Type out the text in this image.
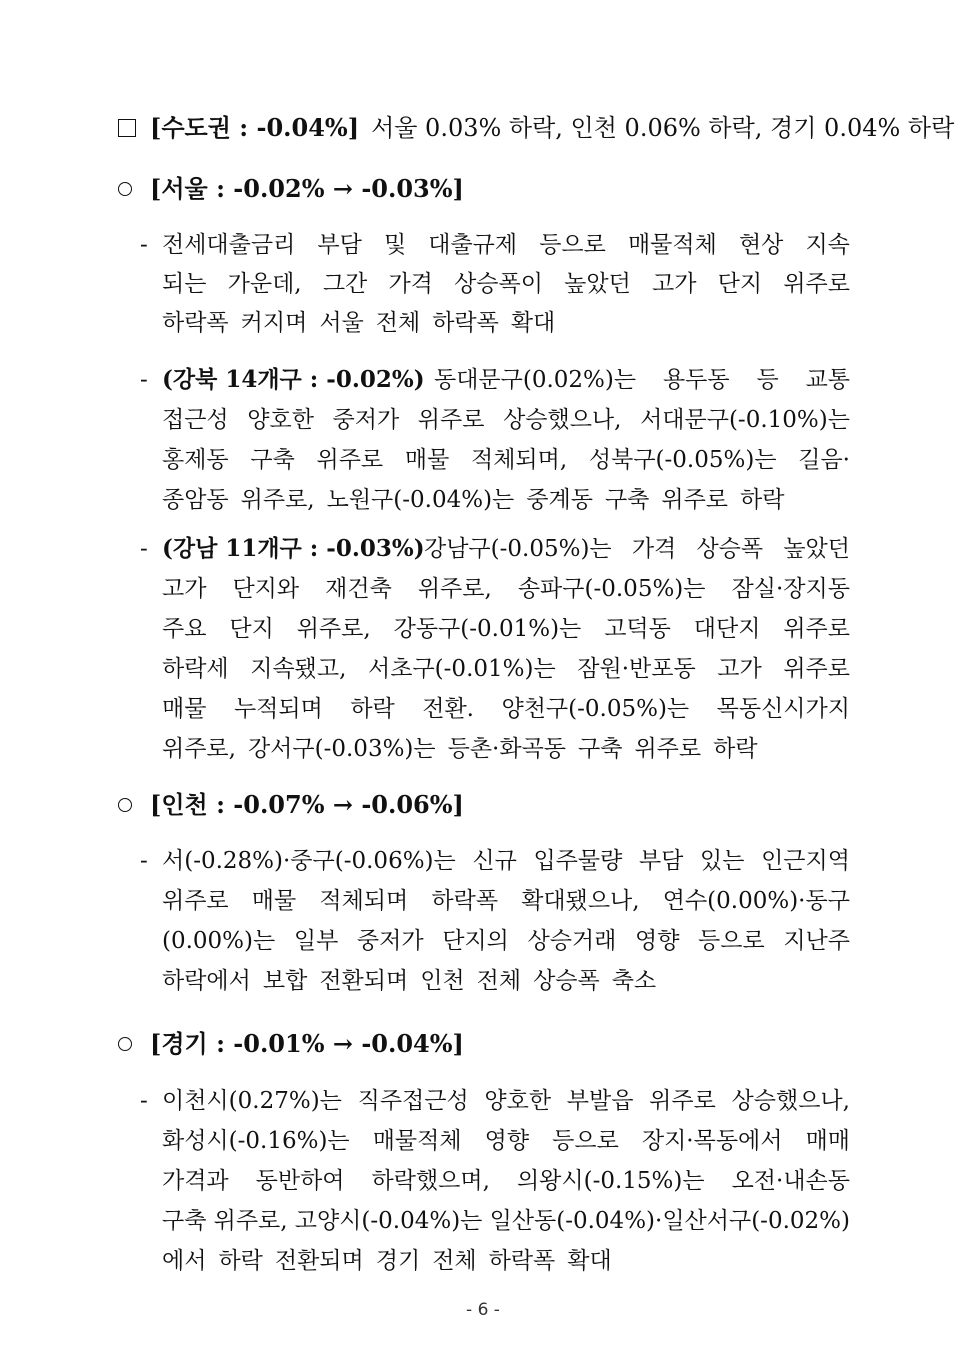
[수도권 : -0.04%] 서울 0.03% 하락, 인천 0.06% 하락, 경기 0.04% 하락
[서울 : -0.02% → -0.03%]
- 전세대출금리 부담 및 대출규제 등으로 매물적체 현상 지속
되는 가운데, 그간 가격 상승폭이 높았던 고가 단지 위주로
하락폭 커지며 서울 전체 하락폭 확대
- (강북 14개구 : -0.02%) 동대문구(0.02%)는 용두동 등 교통
접근성 양호한 중저가 위주로 상승했으나, 서대문구(-0.10%)는
홍제동 구축 위주로 매물 적체되며, 성북구(-0.05%)는 길음·
종암동 위주로, 노원구(-0.04%)는 중계동 구축 위주로 하락
- (강남 11개구 : -0.03%) 강남구(-0.05%)는 가격 상승폭 높았던
고가 단지와 재건축 위주로, 송파구(-0.05%)는 잠실·장지동
주요 단지 위주로, 강동구(-0.01%)는 고덕동 대단지 위주로
하락세 지속됐고, 서초구(-0.01%)는 잠원·반포동 고가 위주로
매물 누적되며 하락 전환. 양천구(-0.05%)는 목동신시가지
위주로, 강서구(-0.03%)는 등촌·화곡동 구축 위주로 하락
[인천 : -0.07% → -0.06%]
- 서(-0.28%)·중구(-0.06%)는 신규 입주물량 부담 있는 인근지역
위주로 매물 적체되며 하락폭 확대됐으나, 연수(0.00%)·동구
(0.00%)는 일부 중저가 단지의 상승거래 영향 등으로 지난주
하락에서 보합 전환되며 인천 전체 상승폭 축소
[경기 : -0.01% → -0.04%]
- 이천시(0.27%)는 직주접근성 양호한 부발읍 위주로 상승했으나,
화성시(-0.16%)는 매물적체 영향 등으로 장지·목동에서 매매
가격과 동반하여 하락했으며, 의왕시(-0.15%)는 오전·내손동
구축 위주로, 고양시(-0.04%)는 일산동(-0.04%)·일산서구(-0.02%)
에서 하락 전환되며 경기 전체 하락폭 확대
- 6 -
